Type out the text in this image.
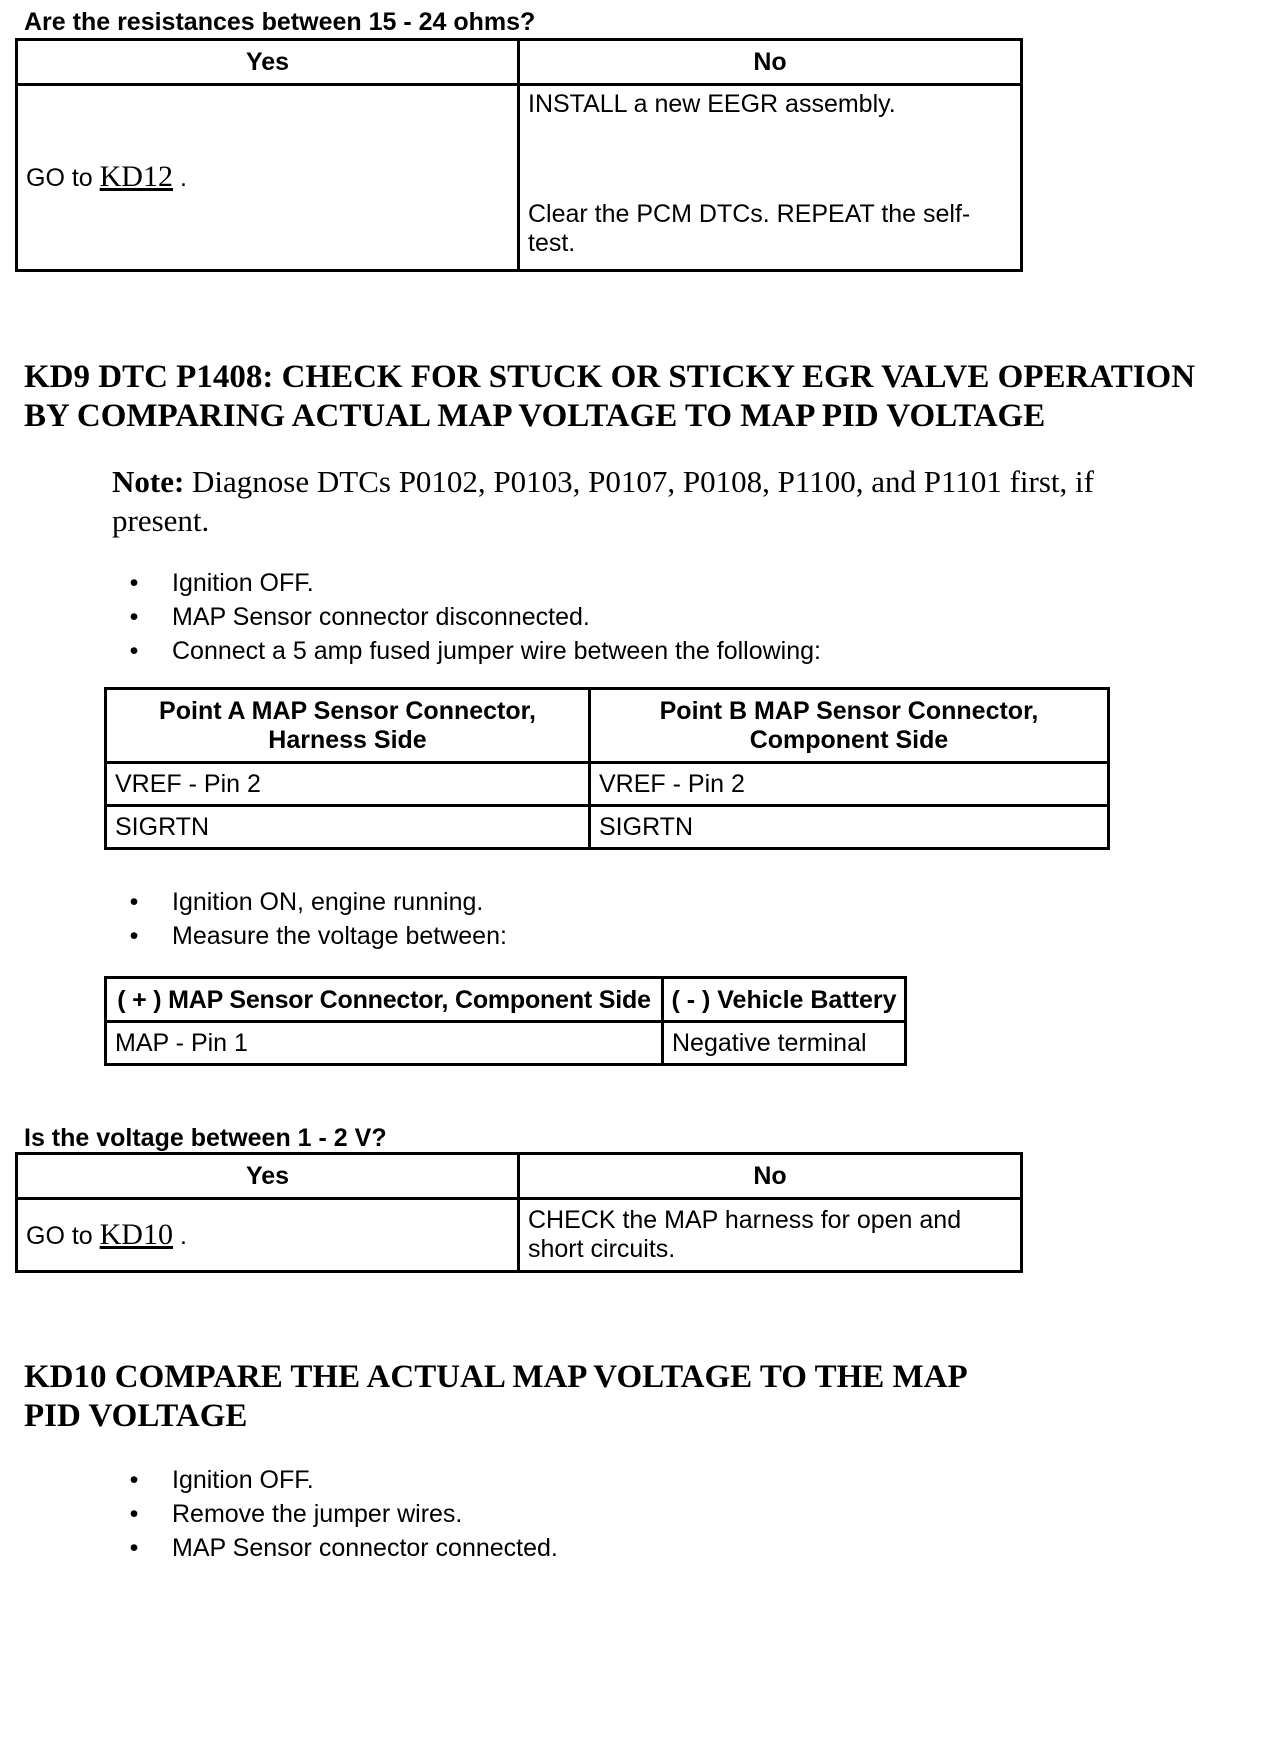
Are the resistances between 15 - 24 ohms?
Yes	No
GO to KD12 .	INSTALL a new EEGR assembly.
Clear the PCM DTCs. REPEAT the self-test.
KD9 DTC P1408: CHECK FOR STUCK OR STICKY EGR VALVE OPERATION BY COMPARING ACTUAL MAP VOLTAGE TO MAP PID VOLTAGE
Note: Diagnose DTCs P0102, P0103, P0107, P0108, P1100, and P1101 first, if present.
• Ignition OFF.
• MAP Sensor connector disconnected.
• Connect a 5 amp fused jumper wire between the following:
Point A MAP Sensor Connector, Harness Side	Point B MAP Sensor Connector, Component Side
VREF - Pin 2	VREF - Pin 2
SIGRTN	SIGRTN
• Ignition ON, engine running.
• Measure the voltage between:
( + ) MAP Sensor Connector, Component Side	( - ) Vehicle Battery
MAP - Pin 1	Negative terminal
Is the voltage between 1 - 2 V?
Yes	No
GO to KD10 .	CHECK the MAP harness for open and short circuits.
KD10 COMPARE THE ACTUAL MAP VOLTAGE TO THE MAP PID VOLTAGE
• Ignition OFF.
• Remove the jumper wires.
• MAP Sensor connector connected.
